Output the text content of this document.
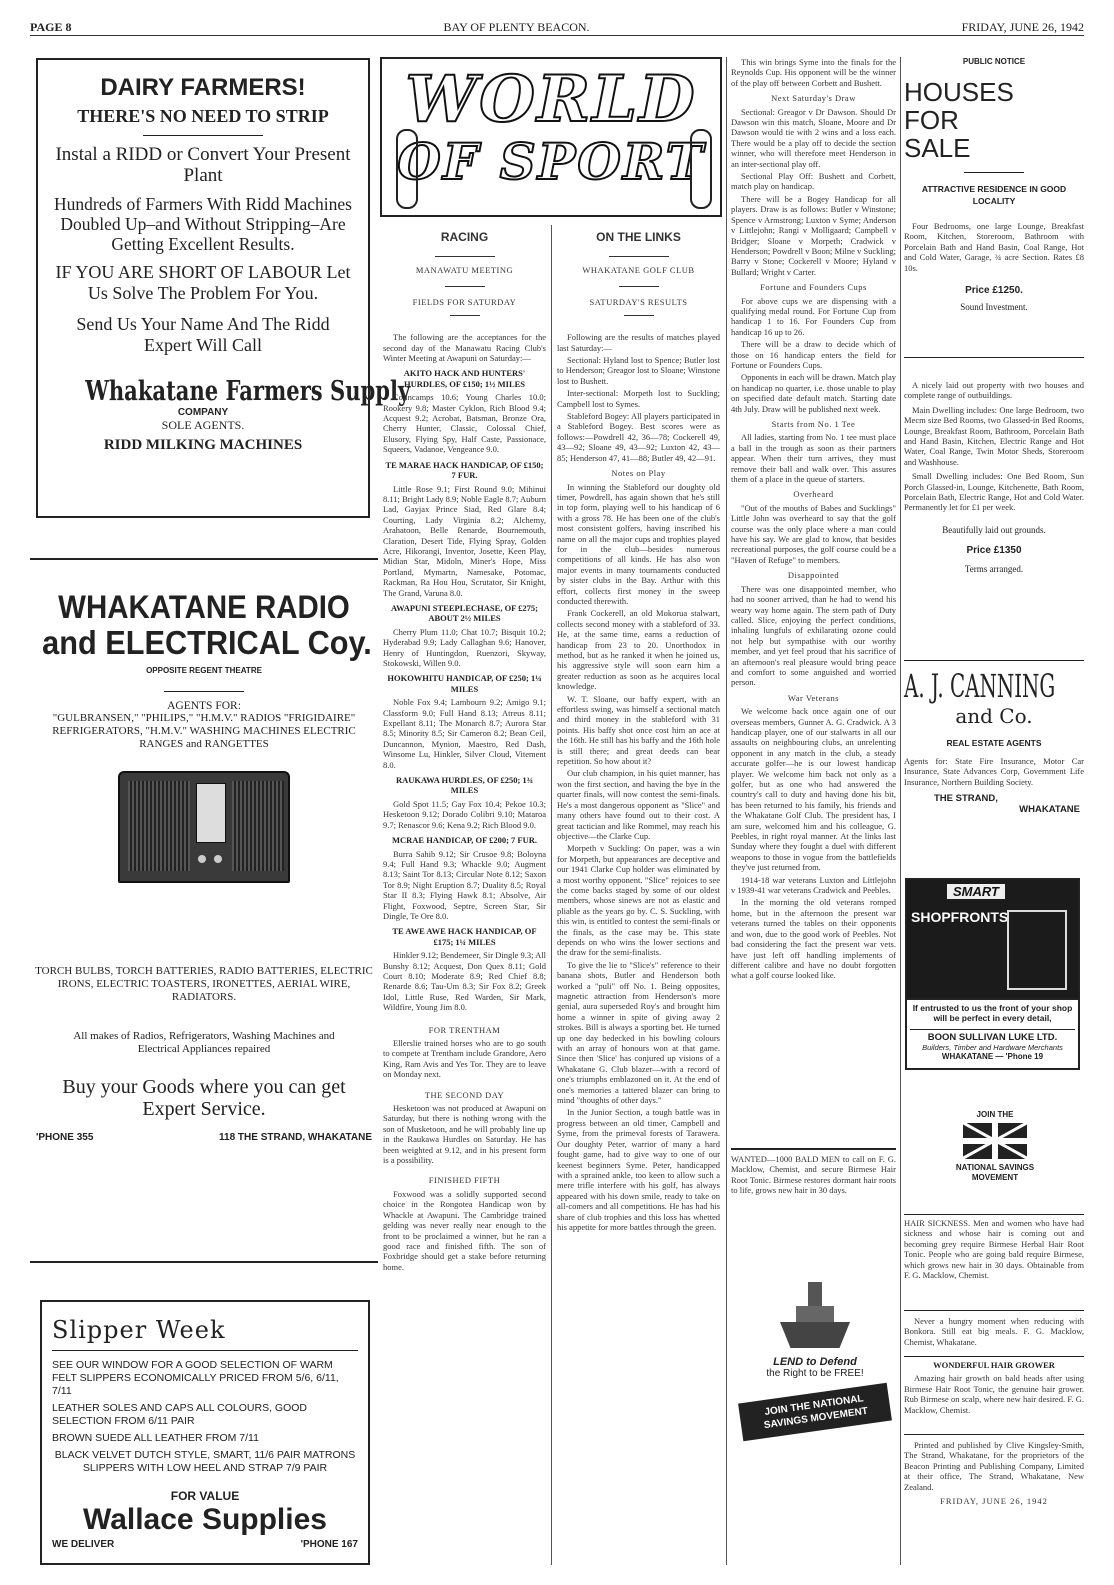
PAGE 8	BAY OF PLENTY BEACON.	FRIDAY, JUNE 26, 1942
DAIRY FARMERS!
THERE'S NO NEED TO STRIP
Instal a RIDD or Convert Your Present Plant
Hundreds of Farmers With Ridd Machines Doubled Up–and Without Stripping–Are Getting Excellent Results.
IF YOU ARE SHORT OF LABOUR Let Us Solve The Problem For You.
Send Us Your Name And The Ridd Expert Will Call
Whakatane Farmers Supply
COMPANY
SOLE AGENTS.
RIDD MILKING MACHINES
WHAKATANE RADIO
and ELECTRICAL Coy.
OPPOSITE REGENT THEATRE
AGENTS FOR:
"GULBRANSEN," "PHILIPS," "H.M.V." RADIOS "FRIGIDAIRE" REFRIGERATORS, "H.M.V." WASHING MACHINES ELECTRIC RANGES and RANGETTES
TORCH BULBS, TORCH BATTERIES, RADIO BATTERIES, ELECTRIC IRONS, ELECTRIC TOASTERS, IRONETTES, AERIAL WIRE, RADIATORS.
All makes of Radios, Refrigerators, Washing Machines and Electrical Appliances repaired
Buy your Goods where you can get Expert Service.
'PHONE 355	118 THE STRAND, WHAKATANE
Slipper Week
SEE OUR WINDOW FOR A GOOD SELECTION OF WARM FELT SLIPPERS ECONOMICALLY PRICED FROM 5/6, 6/11, 7/11
LEATHER SOLES AND CAPS ALL COLOURS, GOOD SELECTION FROM 6/11 PAIR
BROWN SUEDE ALL LEATHER FROM 7/11
BLACK VELVET DUTCH STYLE, SMART, 11/6 PAIR MATRONS SLIPPERS WITH LOW HEEL AND STRAP 7/9 PAIR
FOR VALUE
Wallace Supplies
WE DELIVER	'PHONE 167
WORLD
OF SPORT
RACING
MANAWATU MEETING
FIELDS FOR SATURDAY

The following are the acceptances for the second day of the Manawatu Racing Club's Winter Meeting at Awapuni on Saturday:—

AKITO HACK AND HUNTERS' HURDLES, OF £150; 1½ MILES

Colincamps 10.6; Young Charles 10.0; Rookery 9.8; Master Cyklon, Rich Blood 9.4; Acquest 9.2; Acrobat, Batsman, Bronze Ora, Cherry Hunter, Classic, Colossal Chief, Elusory, Flying Spy, Half Caste, Passionace, Squeers, Vadanoe, Vengeance 9.0.

TE MARAE HACK HANDICAP, OF £150; 7 FUR.

Little Rose 9.1; First Round 9.0; Mihinui 8.11; Bright Lady 8.9; Noble Eagle 8.7; Auburn Lad, Gayjax Prince Siad, Red Glare 8.4; Courting, Lady Virginia 8.2; Alchemy, Arahatoon, Belle Renarde, Bournemouth, Claration, Desert Tide, Flying Spray, Golden Acre, Hikorangi, Inventor, Josette, Keen Play, Midian Star, Midoln, Miner's Hope, Miss Portland, Mymartn, Namesake, Potomac, Rackman, Ra Hou Hou, Scrutator, Sir Knight, The Grand, Varuna 8.0.

AWAPUNI STEEPLECHASE, OF £275; ABOUT 2½ MILES

Cherry Plum 11.0; Chat 10.7; Bisquit 10.2; Hyderabad 9.9; Lady Callaghan 9.6; Hanover, Henry of Huntingdon, Ruenzori, Skyway, Stokowski, Willen 9.0.

HOKOWHITU HANDICAP, OF £250; 1¼ MILES

Noble Fox 9.4; Lambourn 9.2; Amigo 9.1; Classform 9.0; Full Hand 8.13; Atreus 8.11; Expellant 8.11; The Monarch 8.7; Aurora Star 8.5; Minority 8.5; Sir Cameron 8.2; Bean Ceil, Duncannon, Mynion, Maestro, Red Dash, Winsome Lu, Hinkler, Silver Cloud, Vitement 8.0.

RAUKAWA HURDLES, OF £250; 1¾ MILES

Gold Spot 11.5; Gay Fox 10.4; Pekoe 10.3; Hesketoon 9.12; Dorado Colibri 9.10; Mataroa 9.7; Renascor 9.6; Kena 9.2; Rich Blood 9.0.

MCRAE HANDICAP, OF £200; 7 FUR.

Burra Sahib 9.12; Sir Crusoe 9.8; Boloyna 9.4; Full Hand 9.3; Whackle 9.0; Augment 8.13; Saint Tor 8.13; Circular Note 8.12; Saxon Tor 8.9; Night Eruption 8.7; Duality 8.5; Royal Star II 8.3; Flying Hawk 8.1; Absolve, Air Flight, Foxwood, Septre, Screen Star, Sir Dingle, Te Ore 8.0.

TE AWE AWE HACK HANDICAP, OF £175; 1¼ MILES

Hinkler 9.12; Bendemeer, Sir Dingle 9.3; All Bunshy 8.12; Acquest, Don Quex 8.11; Gold Court 8.10; Moderate 8.9; Red Chief 8.8; Renarde 8.6; Tau-Um 8.3; Sir Fox 8.2; Greek Idol, Little Ruse, Red Warden, Sir Mark, Wildfire, Young Jim 8.0.

FOR TRENTHAM

Ellerslie trained horses who are to go south to compete at Trentham include Grandore, Aero King, Ram Avis and Yes Tor. They are to leave on Monday next.

THE SECOND DAY

Hesketoon was not produced at Awapuni on Saturday, but there is nothing wrong with the son of Musketoon, and he will probably line up in the Raukawa Hurdles on Saturday. He has been weighted at 9.12, and in his present form is a possibility.

FINISHED FIFTH

Foxwood was a solidly supported second choice in the Rongotea Handicap won by Whackle at Awapuni. The Cambridge trained gelding was never really near enough to the front to be proclaimed a winner, but he ran a good race and finished fifth. The son of Foxbridge should get a stake before returning home.

ON THE LINKS
WHAKATANE GOLF CLUB
SATURDAY'S RESULTS

Following are the results of matches played last Saturday:—

Sectional: Hyland lost to Spence; Butler lost to Henderson; Greagor lost to Sloane; Winstone lost to Bushett.

Inter-sectional: Morpeth lost to Suckling; Campbell lost to Symes.

Stableford Bogey: All players participated in a Stableford Bogey. Best scores were as follows:—Powdrell 42, 36—78; Cockerell 49, 43—92; Sloane 49, 43—92; Luxton 42, 43—85; Henderson 47, 41—88; Butler 49, 42—91.

Notes on Play

In winning the Stableford our doughty old timer, Powdrell, has again shown that he's still in top form, playing well to his handicap of 6 with a gross 78. He has been one of the club's most consistent golfers, having inscribed his name on all the major cups and trophies played for in the club—besides numerous competitions of all kinds. He has also won major events in many tournaments conducted by sister clubs in the Bay. Arthur with this effort, collects first money in the sweep conducted therewith.

Frank Cockerell, an old Mokorua stalwart, collects second money with a stableford of 33. He, at the same time, earns a reduction of handicap from 23 to 20. Unorthodox in method, but as he ranked it when he joined us, his aggressive style will soon earn him a greater reduction as soon as he acquires local knowledge.

W. T. Sloane, our baffy expert, with an effortless swing, was himself a sectional match and third money in the stableford with 31 points. His baffy shot once cost him an ace at the 16th. He still has his baffy and the 16th hole is still there; and great deeds can bear repetition. So how about it?

Our club champion, in his quiet manner, has won the first section, and having the bye in the quarter finals, will now contest the semi-finals. He's a most dangerous opponent as "Slice" and many others have found out to their cost. A great tactician and like Rommel, may reach his objective—the Clarke Cup.

Morpeth v Suckling: On paper, was a win for Morpeth, but appearances are deceptive and our 1941 Clarke Cup holder was eliminated by a most worthy opponent. "Slice" rejoices to see the come backs staged by some of our oldest members, whose sinews are not as elastic and pliable as the years go by. C. S. Suckling, with this win, is entitled to contest the semi-finals or the finals, as the case may be. This state depends on who wins the lower sections and the draw for the semi-finalists.

To give the lie to "Slice's" reference to their banana shots, Butler and Henderson both worked a "puli" off No. 1. Being opposites, magnetic attraction from Henderson's more genial, aura superseded Roy's and brought him home a winner in spite of giving away 2 strokes. Bill is always a sporting bet. He turned up one day bedecked in his bowling colours with an array of honours won at that game. Since then 'Slice' has conjured up visions of a Whakatane G. Club blazer—with a record of one's triumphs emblazoned on it. At the end of one's memories a tattered blazer can bring to mind "thoughts of other days."

In the Junior Section, a tough battle was in progress between an old timer, Campbell and Syme, from the primeval forests of Tarawera. Our doughty Peter, warrior of many a hard fought game, had to give way to one of our keenest beginners Syme. Peter, handicapped with a sprained ankle, too keen to allow such a mere trifle interfere with his golf, has always appeared with his down smile, ready to take on all-comers and all competitions. He has had his share of club trophies and this loss has whetted his appetite for more battles through the green.

This win brings Syme into the finals for the Reynolds Cup. His opponent will be the winner of the play off between Corbett and Bushett.

Next Saturday's Draw

Sectional: Greagor v Dr Dawson. Should Dr Dawson win this match, Sloane, Moore and Dr Dawson would tie with 2 wins and a loss each. There would be a play off to decide the section winner, who will therefore meet Henderson in an inter-sectional play off.

Sectional Play Off: Bushett and Corbett, match play on handicap.

There will be a Bogey Handicap for all players. Draw is as follows: Butler v Winstone; Spence v Armstrong; Luxton v Syme; Anderson v Littlejohn; Rangi v Molligaard; Campbell v Bridger; Sloane v Morpeth; Cradwick v Henderson; Powdrell v Boon; Milne v Suckling; Barry v Stone; Cockerell v Moore; Hyland v Bullard; Wright v Carter.

Fortune and Founders Cups

For above cups we are dispensing with a qualifying medal round. For Fortune Cup from handicap 1 to 16. For Founders Cup from handicap 16 up to 26.

There will be a draw to decide which of those on 16 handicap enters the field for Fortune or Founders Cups.

Opponents in each will be drawn. Match play on handicap no quarter, i.e. those unable to play on specified date default match. Starting date 4th July. Draw will be published next week.

Starts from No. 1 Tee

All ladies, starting from No. 1 tee must place a ball in the trough as soon as their partners appear. When their turn arrives, they must remove their ball and walk over. This assures them of a place in the queue of starters.

Overheard

"Out of the mouths of Babes and Sucklings" Little John was overheard to say that the golf course was the only place where a man could have his say. We are glad to know, that besides recreational purposes, the golf course could be a "Haven of Refuge" to members.

Disappointed

There was one disappointed member, who had no sooner arrived, than he had to wend his weary way home again. The stern path of Duty called. Slice, enjoying the perfect conditions, inhaling lungfuls of exhilarating ozone could not help but sympathise with our worthy member, and yet feel proud that his sacrifice of an afternoon's real pleasure would bring peace and comfort to some anguished and worried person.

War Veterans

We welcome back once again one of our overseas members, Gunner A. G. Cradwick. A 3 handicap player, one of our stalwarts in all our assaults on neighbouring clubs, an unrelenting opponent in any match in the club, a steady accurate golfer—he is our lowest handicap player. We welcome him back not only as a golfer, but as one who had answered the country's call to duty and having done his bit, has been returned to his family, his friends and the Whakatane Golf Club. The president has, I am sure, welcomed him and his colleague, G. Peebles, in right royal manner. At the links last Sunday where they fought a duel with different weapons to those in vogue from the battlefields they've just returned from.

1914-18 war veterans Luxton and Littlejohn v 1939-41 war veterans Cradwick and Peebles.

In the morning the old veterans romped home, but in the afternoon the present war veterans turned the tables on their opponents and won, due to the good work of Peebles. Not bad considering the fact the present war vets. have just left off handling implements of different calibre and have no doubt forgotten what a golf course looked like.

WANTED—1000 BALD MEN to call on F. G. Macklow, Chemist, and secure Birmese Hair Root Tonic. Birmese restores dormant hair roots to life, grows new hair in 30 days.

LEND to Defend
the Right to be FREE!
JOIN THE NATIONAL SAVINGS MOVEMENT
PUBLIC NOTICE
HOUSES FOR SALE
ATTRACTIVE RESIDENCE IN GOOD LOCALITY
Four Bedrooms, one large Lounge, Breakfast Room, Kitchen, Storeroom, Bathroom with Porcelain Bath and Hand Basin, Coal Range, Hot and Cold Water, Garage, ¾ acre Section. Rates £8 10s.
Price £1250.
Sound Investment.
A nicely laid out property with two houses and complete range of outbuildings.
Main Dwelling includes: One large Bedroom, two Mecm size Bed Rooms, two Glassed-in Bed Rooms, Lounge, Breakfast Room, Bathroom, Porcelain Bath and Hand Basin, Kitchen, Electric Range and Hot Water, Coal Range, Twin Motor Sheds, Storeroom and Washhouse.
Small Dwelling includes: One Bed Room, Sun Porch Glassed-in, Lounge, Kitchenette, Bath Room, Porcelain Bath, Electric Range, Hot and Cold Water. Permanently let for £1 per week.
Beautifully laid out grounds.
Price £1350
Terms arranged.
A. J. CANNING
and Co.
REAL ESTATE AGENTS
Agents for: State Fire Insurance, Motor Car Insurance, State Advances Corp, Government Life Insurance, Northern Building Society.
THE STRAND,
WHAKATANE
SMART
SHOPFRONTS
If entrusted to us the front of your shop will be perfect in every detail,
BOON SULLIVAN LUKE LTD.
Builders, Timber and Hardware Merchants
WHAKATANE — 'Phone 19
JOIN THE
NATIONAL SAVINGS MOVEMENT

HAIR SICKNESS. Men and women who have had sickness and whose hair is coming out and becoming grey require Birmese Herbal Hair Root Tonic. People who are going bald require Birmese, which grows new hair in 30 days. Obtainable from F. G. Macklow, Chemist.

Never a hungry moment when reducing with Bonkora. Still eat big meals. F. G. Macklow, Chemist, Whakatane.

WONDERFUL HAIR GROWER

Amazing hair growth on bald heads after using Birmese Hair Root Tonic, the genuine hair grower. Rub Birmese on scalp, where new hair desired. F. G. Macklow, Chemist.

Printed and published by Clive Kingsley-Smith, The Strand, Whakatane, for the proprietors of the Beacon Printing and Publishing Company, Limited at their office, The Strand, Whakatane, New Zealand.

FRIDAY, JUNE 26, 1942
